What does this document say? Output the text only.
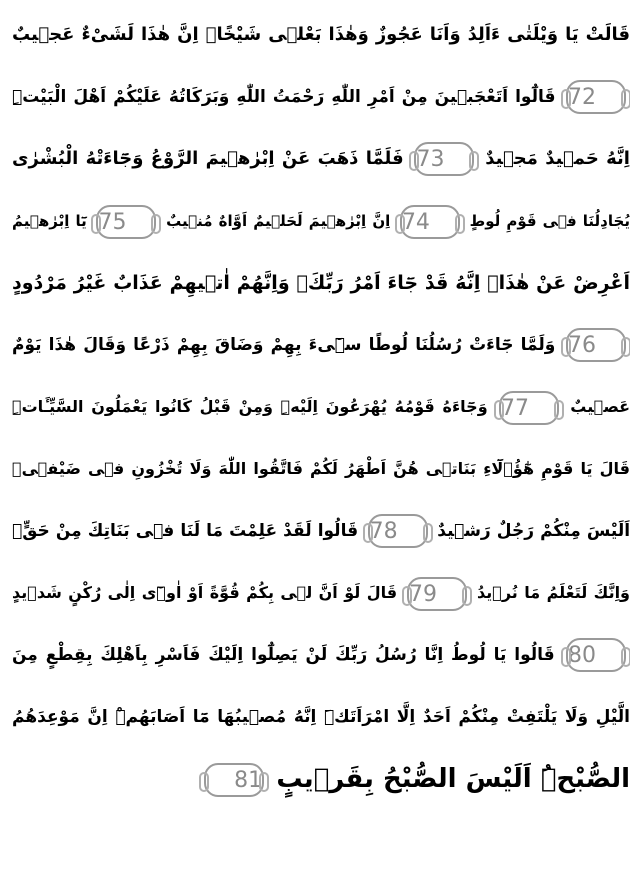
قَالَتْ يَا وَيْلَتٰى ءَاَلِدُ وَاَنَا عَجُوزٌ وَهٰذَا بَعْلٖى شَيْخًاۜ اِنَّ هٰذَا لَشَیْءٌ عَجٖيبٌ
72 قَالُٓوا اَتَعْجَبٖينَ مِنْ اَمْرِ اللّٰهِ رَحْمَتُ اللّٰهِ وَبَرَكَاتُهُ عَلَيْكُمْ اَهْلَ الْبَيْتِۜ
اِنَّهُ حَمٖيدٌ مَجٖيدٌ 73 فَلَمَّا ذَهَبَ عَنْ اِبْرٰهٖيمَ الرَّوْعُ وَجَٓاءَتْهُ الْبُشْرٰى
يُجَادِلُنَا فٖى قَوْمِ لُوطٍ 74 اِنَّ اِبْرٰهٖيمَ لَحَلٖيمٌ اَوَّاهٌ مُنٖيبٌ 75 يَٓا اِبْرٰهٖيمُ
اَعْرِضْ عَنْ هٰذَاۚ اِنَّهُ قَدْ جَٓاءَ اَمْرُ رَبِّكَۚ وَاِنَّهُمْ اٰتٖيهِمْ عَذَابٌ غَيْرُ مَرْدُودٍ
76 وَلَمَّا جَٓاءَتْ رُسُلُنَا لُوطًا سٖٓیءَ بِهِمْ وَضَاقَ بِهِمْ ذَرْعًا وَقَالَ هٰذَا يَوْمٌ
عَصٖيبٌ 77 وَجَٓاءَهُ قَوْمُهُ يُهْرَعُونَ اِلَيْهِۜ وَمِنْ قَبْلُ كَانُوا يَعْمَلُونَ السَّيِّـَٔاتِۜ
قَالَ يَا قَوْمِ هٰٓؤُ۬لَٓاءِ بَنَاتٖى هُنَّ اَطْهَرُ لَكُمْ فَاتَّقُوا اللّٰهَ وَلَا تُخْزُونِ فٖى ضَيْفٖىۜ
اَلَيْسَ مِنْكُمْ رَجُلٌ رَشٖيدٌ 78 قَالُوا لَقَدْ عَلِمْتَ مَا لَنَا فٖى بَنَاتِكَ مِنْ حَقٍّۚ
وَاِنَّكَ لَتَعْلَمُ مَا نُرٖيدُ 79 قَالَ لَوْ اَنَّ لٖى بِكُمْ قُوَّةً اَوْ اٰوٖٓى اِلٰى رُكْنٍ شَدٖيدٍ
80 قَالُوا يَا لُوطُ اِنَّا رُسُلُ رَبِّكَ لَنْ يَصِلُٓوا اِلَيْكَ فَاَسْرِ بِاَهْلِكَ بِقِطْعٍ مِنَ
الَّيْلِ وَلَا يَلْتَفِتْ مِنْكُمْ اَحَدٌ اِلَّا امْرَاَتَكَۜ اِنَّهُ مُصٖيبُهَا مَٓا اَصَابَهُمْۜ اِنَّ مَوْعِدَهُمُ
الصُّبْحُۜ اَلَيْسَ الصُّبْحُ بِقَرٖيبٍ 81
